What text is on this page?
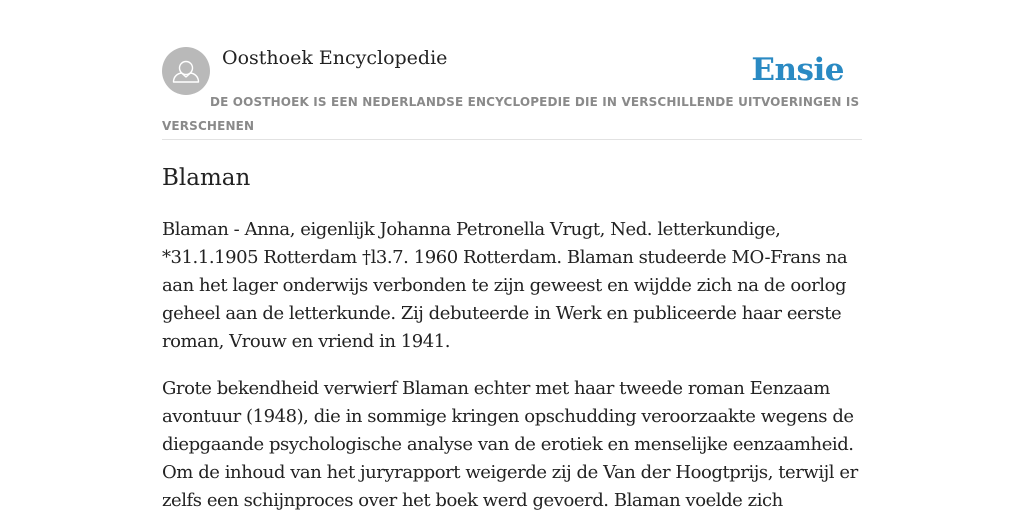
Oosthoek Encyclopedie	Ensie
DE OOSTHOEK IS EEN NEDERLANDSE ENCYCLOPEDIE DIE IN VERSCHILLENDE UITVOERINGEN IS VERSCHENEN
Blaman

Blaman - Anna, eigenlijk Johanna Petronella Vrugt, Ned. letterkundige, *31.1.1905 Rotterdam †l3.7. 1960 Rotterdam. Blaman studeerde MO-Frans na aan het lager onderwijs verbonden te zijn geweest en wijdde zich na de oorlog geheel aan de letterkunde. Zij debuteerde in Werk en publiceerde haar eerste roman, Vrouw en vriend in 1941.

Grote bekendheid verwierf Blaman echter met haar tweede roman Eenzaam avontuur (1948), die in sommige kringen opschudding veroorzaakte wegens de diepgaande psychologische analyse van de erotiek en menselijke eenzaamheid. Om de inhoud van het juryrapport weigerde zij de Van der Hoogtprijs, terwijl er zelfs een schijnproces over het boek werd gevoerd. Blaman voelde zich
